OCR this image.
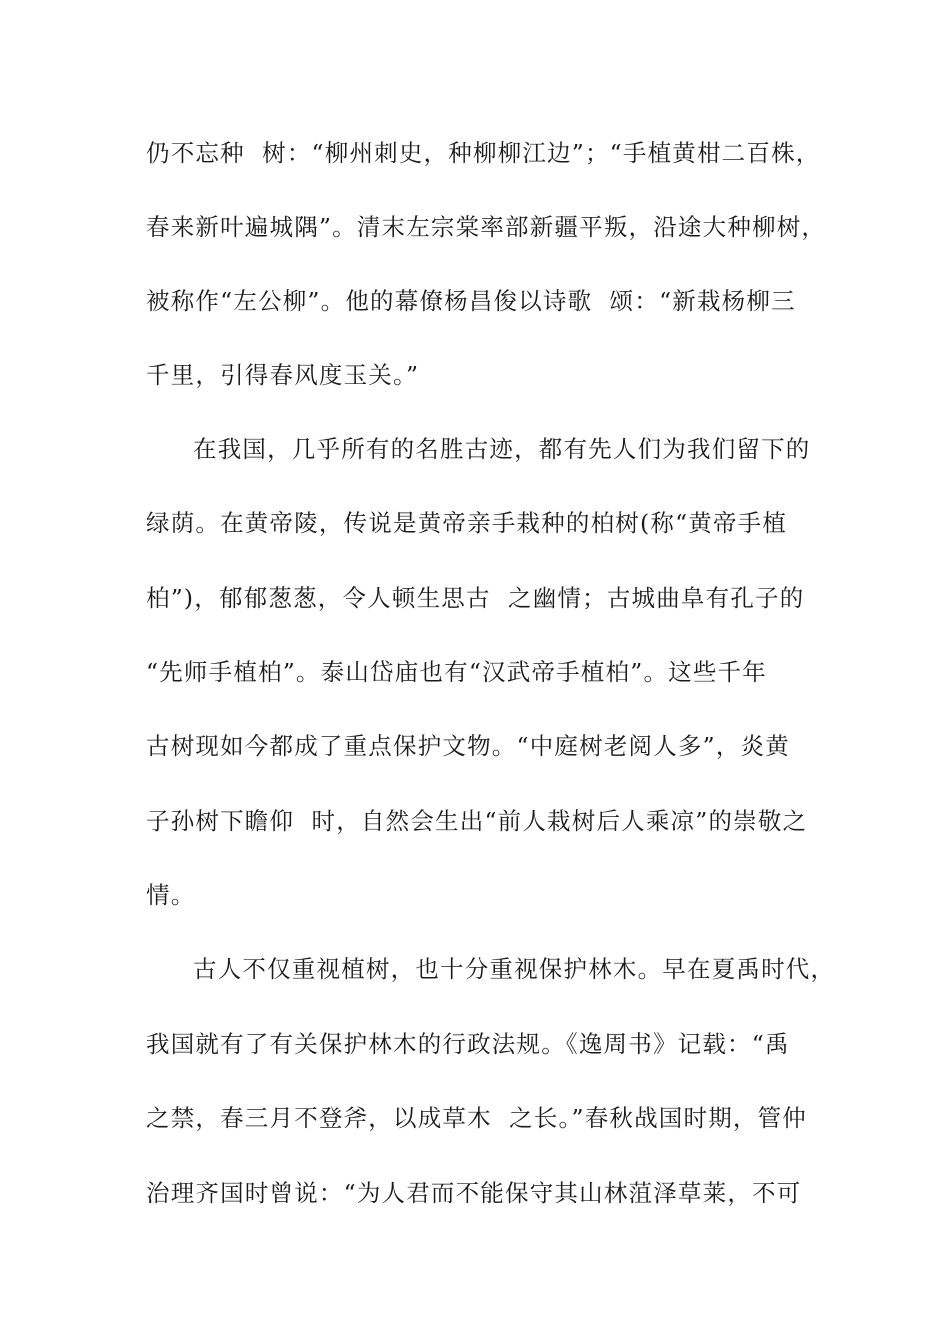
仍不忘种  树：“柳州刺史，种柳柳江边”；“手植黄柑二百株，
春来新叶遍城隅”。清末左宗棠率部新疆平叛，沿途大种柳树，
被称作“左公柳”。他的幕僚杨昌俊以诗歌  颂：“新栽杨柳三
千里，引得春风度玉关。”
在我国，几乎所有的名胜古迹，都有先人们为我们留下的
绿荫。在黄帝陵，传说是黄帝亲手栽种的柏树(称“黄帝手植
柏”)，郁郁葱葱，令人顿生思古  之幽情；古城曲阜有孔子的
“先师手植柏”。泰山岱庙也有“汉武帝手植柏”。这些千年
古树现如今都成了重点保护文物。“中庭树老阅人多”，炎黄
子孙树下瞻仰  时，自然会生出“前人栽树后人乘凉”的崇敬之
情。
古人不仅重视植树，也十分重视保护林木。早在夏禹时代，
我国就有了有关保护林木的行政法规。《逸周书》记载：“禹
之禁，春三月不登斧，以成草木  之长。”春秋战国时期，管仲
治理齐国时曾说：“为人君而不能保守其山林菹泽草莱，不可
